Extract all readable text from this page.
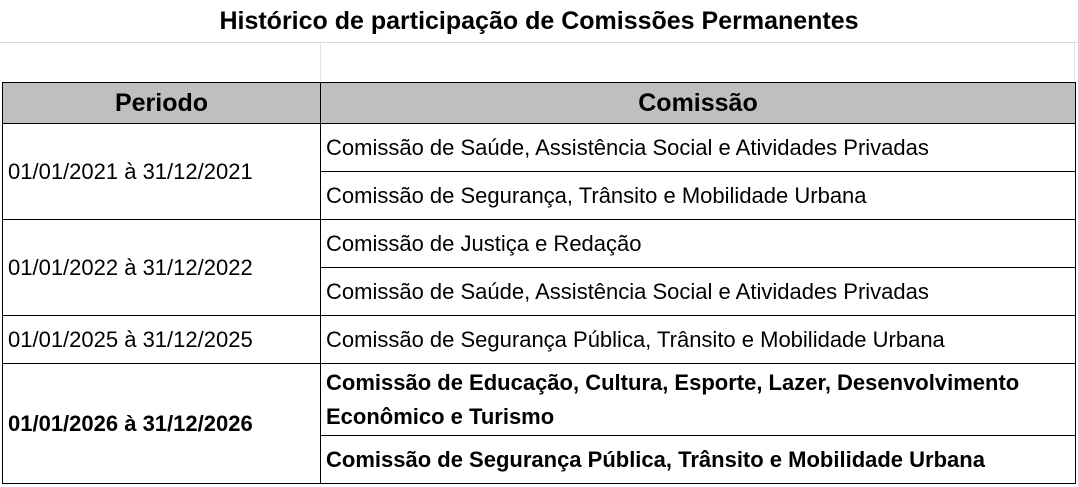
Histórico de participação de Comissões Permanentes
Periodo	Comissão
01/01/2021 à 31/12/2021	Comissão de Saúde, Assistência Social e Atividades Privadas
	Comissão de Segurança, Trânsito e Mobilidade Urbana
01/01/2022 à 31/12/2022	Comissão de Justiça e Redação
	Comissão de Saúde, Assistência Social e Atividades Privadas
01/01/2025 à 31/12/2025	Comissão de Segurança Pública, Trânsito e Mobilidade Urbana
01/01/2026 à 31/12/2026	Comissão de Educação, Cultura, Esporte, Lazer, Desenvolvimento Econômico e Turismo
	Comissão de Segurança Pública, Trânsito e Mobilidade Urbana
